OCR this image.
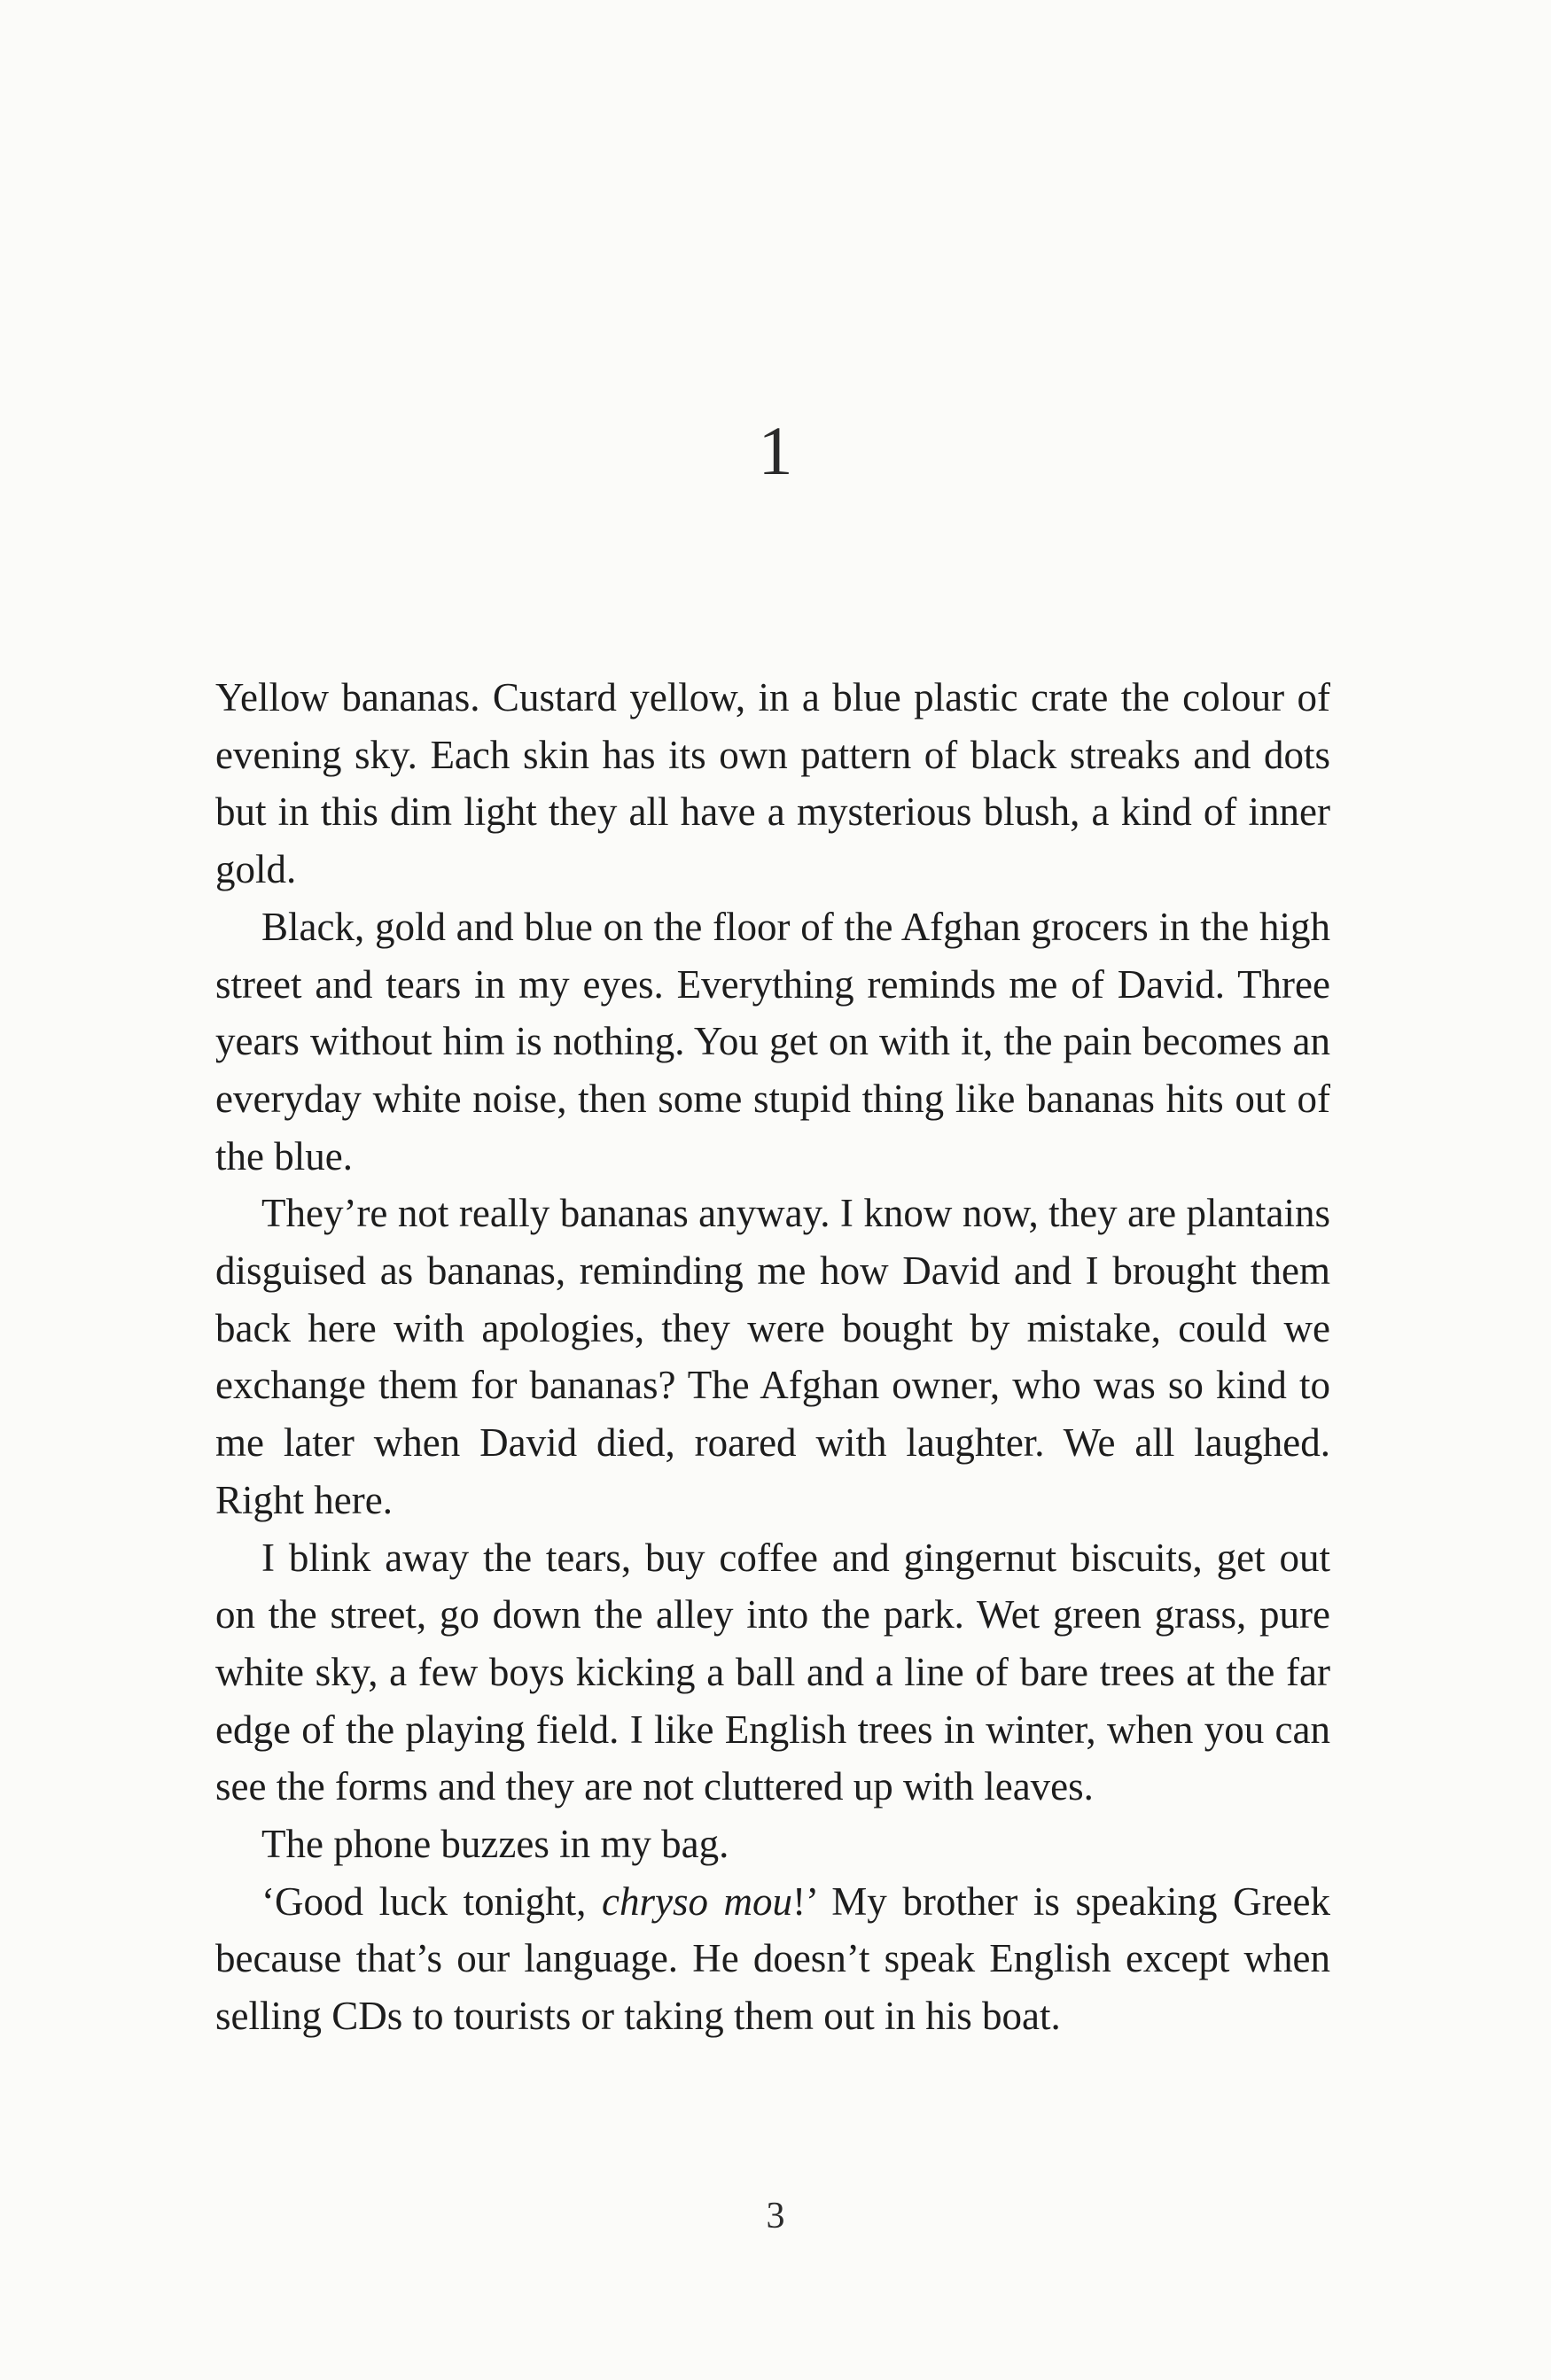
1

Yellow bananas. Custard yellow, in a blue plastic crate the colour of evening sky. Each skin has its own pattern of black streaks and dots but in this dim light they all have a mysterious blush, a kind of inner gold.

Black, gold and blue on the floor of the Afghan grocers in the high street and tears in my eyes. Everything reminds me of David. Three years without him is nothing. You get on with it, the pain becomes an everyday white noise, then some stupid thing like bananas hits out of the blue.

They’re not really bananas anyway. I know now, they are plantains disguised as bananas, reminding me how David and I brought them back here with apologies, they were bought by mistake, could we exchange them for bananas? The Afghan owner, who was so kind to me later when David died, roared with laughter. We all laughed. Right here.

I blink away the tears, buy coffee and gingernut biscuits, get out on the street, go down the alley into the park. Wet green grass, pure white sky, a few boys kicking a ball and a line of bare trees at the far edge of the playing field. I like English trees in winter, when you can see the forms and they are not cluttered up with leaves.

The phone buzzes in my bag.

‘Good luck tonight, chryso mou!’ My brother is speaking Greek because that’s our language. He doesn’t speak English except when selling CDs to tourists or taking them out in his boat.

3
